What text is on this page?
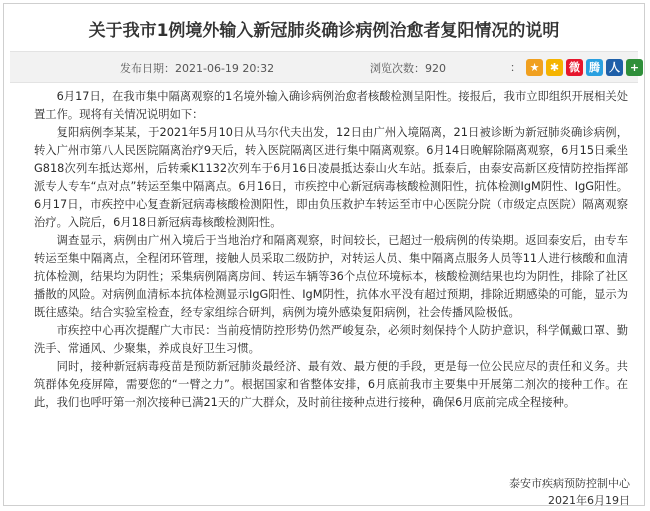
关于我市1例境外输入新冠肺炎确诊病例治愈者复阳情况的说明
发布日期：2021-06-19 20:32	浏览次数：920	： ★ ✱ 微 腾 人 +

6月17日，在我市集中隔离观察的1名境外输入确诊病例治愈者核酸检测呈阳性。接报后，我市立即组织开展相关处置工作。现将有关情况说明如下：

复阳病例李某某，于2021年5月10日从马尔代夫出发，12日由广州入境隔离，21日被诊断为新冠肺炎确诊病例，转入广州市第八人民医院隔离治疗9天后，转入医院隔离区进行集中隔离观察。6月14日晚解除隔离观察，6月15日乘坐G818次列车抵达郑州，后转乘K1132次列车于6月16日凌晨抵达泰山火车站。抵泰后，由泰安高新区疫情防控指挥部派专人专车“点对点”转运至集中隔离点。6月16日，市疾控中心新冠病毒核酸检测阳性，抗体检测IgM阴性、IgG阳性。6月17日，市疾控中心复查新冠病毒核酸检测阳性，即由负压救护车转运至市中心医院分院（市级定点医院）隔离观察治疗。入院后，6月18日新冠病毒核酸检测阳性。

调查显示，病例由广州入境后于当地治疗和隔离观察，时间较长，已超过一般病例的传染期。返回泰安后，由专车转运至集中隔离点，全程闭环管理，接触人员采取二级防护，对转运人员、集中隔离点服务人员等11人进行核酸和血清抗体检测，结果均为阴性；采集病例隔离房间、转运车辆等36个点位环境标本，核酸检测结果也均为阴性，排除了社区播散的风险。对病例血清标本抗体检测显示IgG阳性、IgM阴性，抗体水平没有超过预期，排除近期感染的可能，显示为既往感染。结合实验室检查，经专家组综合研判，病例为境外感染复阳病例，社会传播风险极低。

市疾控中心再次提醒广大市民：当前疫情防控形势仍然严峻复杂，必须时刻保持个人防护意识，科学佩戴口罩、勤洗手、常通风、少聚集，养成良好卫生习惯。

同时，接种新冠病毒疫苗是预防新冠肺炎最经济、最有效、最方便的手段，更是每一位公民应尽的责任和义务。共筑群体免疫屏障，需要您的“一臂之力”。根据国家和省整体安排，6月底前我市主要集中开展第二剂次的接种工作。在此，我们也呼吁第一剂次接种已满21天的广大群众，及时前往接种点进行接种，确保6月底前完成全程接种。

泰安市疾病预防控制中心
2021年6月19日
